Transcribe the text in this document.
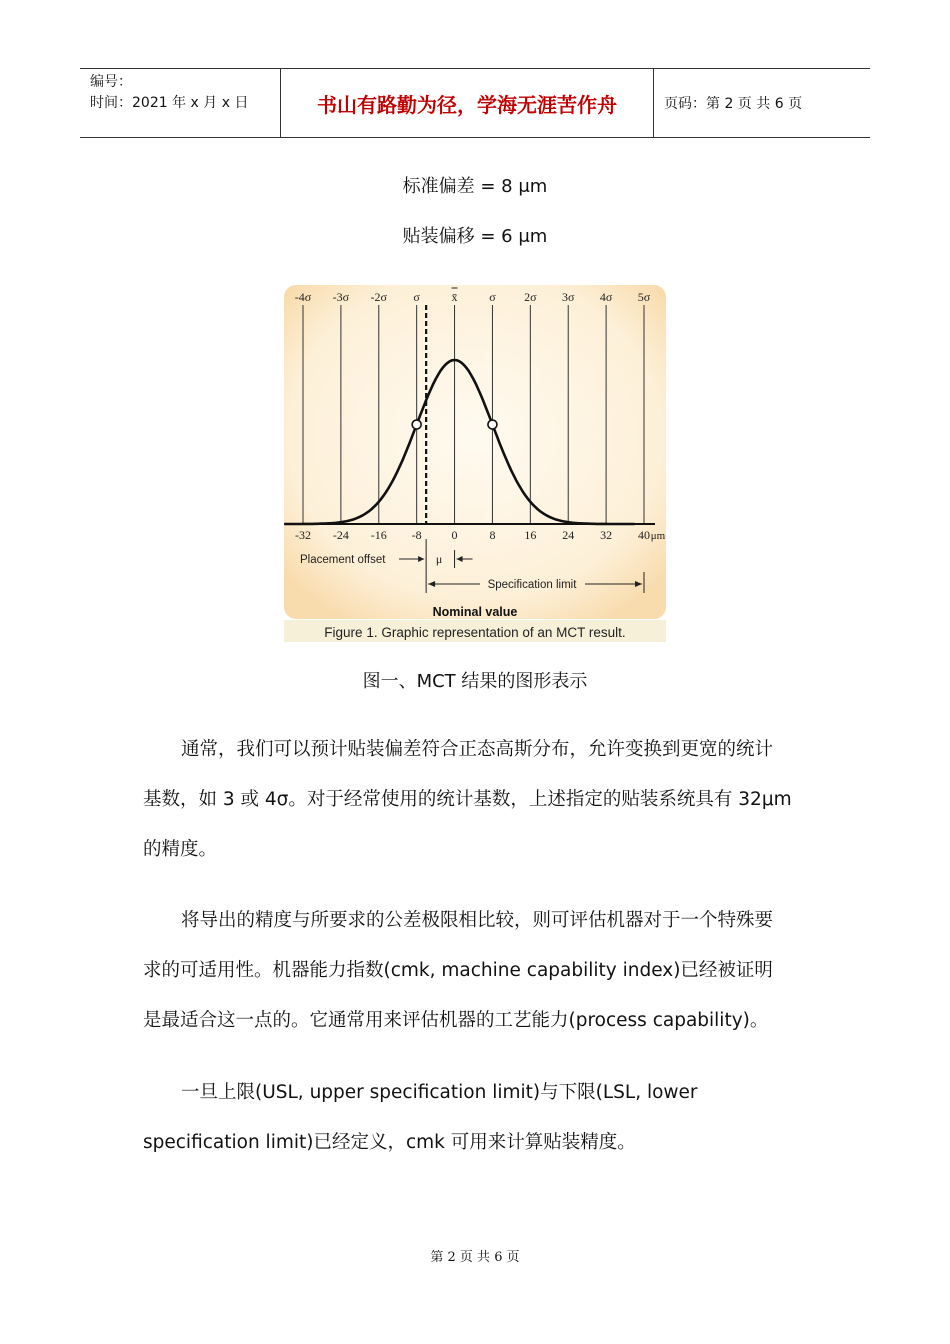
编号：
时间：2021 年 x 月 x 日	书山有路勤为径，学海无涯苦作舟	页码：第 2 页 共 6 页
标准偏差 = 8 μm
贴装偏移 = 6 μm
-4σ -3σ -2σ σ	x̄	σ 2σ 3σ 4σ 5σ
-32 -24 -16 -8 0	8 16 24 32 40 μm
Placement offset	μ
Specification limit
Nominal value
Figure 1. Graphic representation of an MCT result.
图一、MCT 结果的图形表示
通常，我们可以预计贴装偏差符合正态高斯分布，允许变换到更宽的统计
基数，如 3 或 4σ。对于经常使用的统计基数，上述指定的贴装系统具有 32μm
的精度。
将导出的精度与所要求的公差极限相比较，则可评估机器对于一个特殊要
求的可适用性。机器能力指数(cmk, machine capability index)已经被证明
是最适合这一点的。它通常用来评估机器的工艺能力(process capability)。
一旦上限(USL, upper specification limit)与下限(LSL, lower
specification limit)已经定义，cmk 可用来计算贴装精度。
第 2 页 共 6 页
